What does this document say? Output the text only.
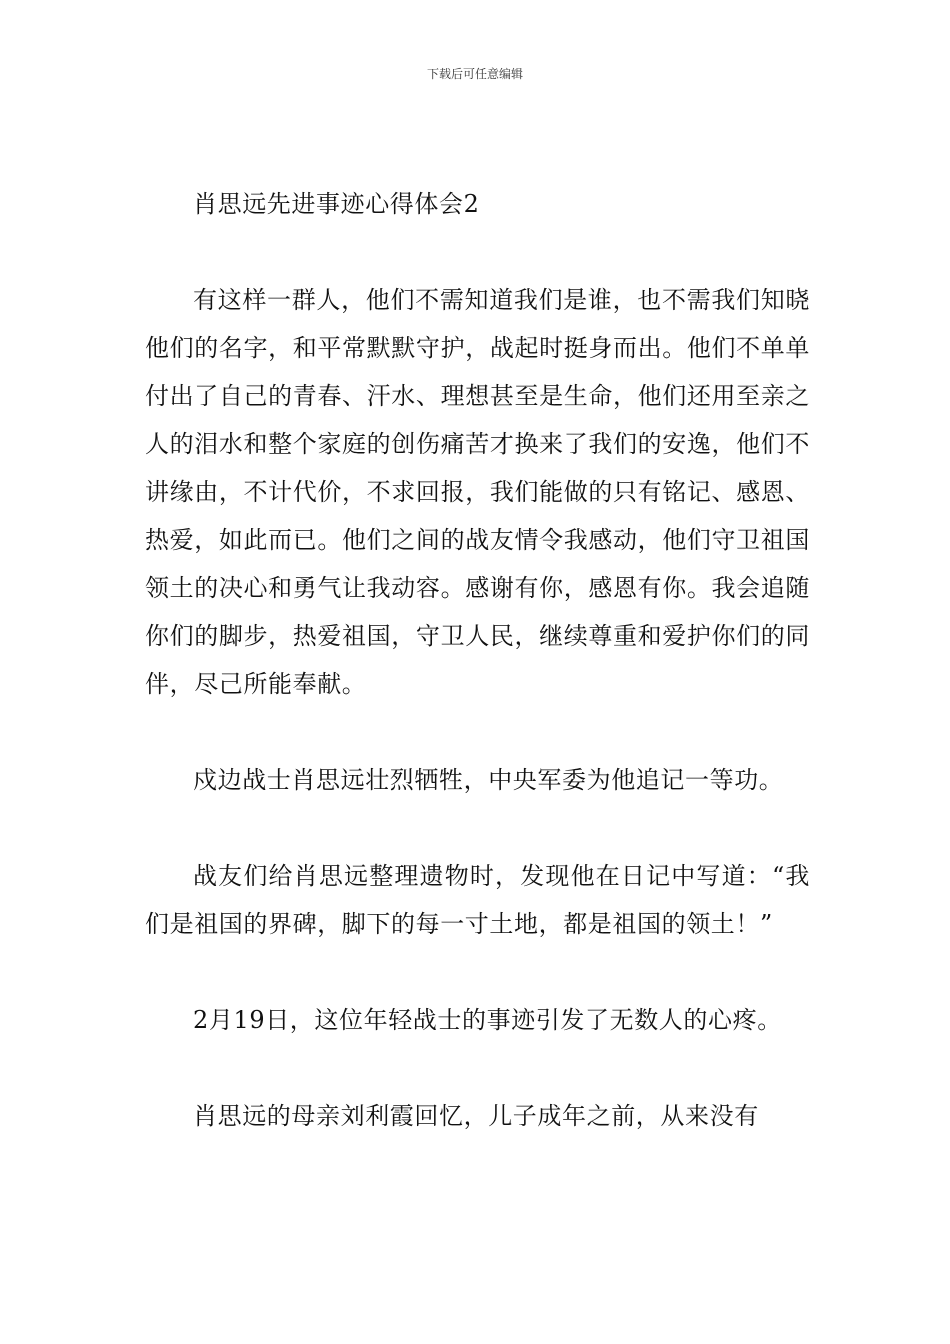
下载后可任意编辑

肖思远先进事迹心得体会2

有这样一群人，他们不需知道我们是谁，也不需我们知晓他们的名字，和平常默默守护，战起时挺身而出。他们不单单付出了自己的青春、汗水、理想甚至是生命，他们还用至亲之人的泪水和整个家庭的创伤痛苦才换来了我们的安逸，他们不讲缘由，不计代价，不求回报，我们能做的只有铭记、感恩、热爱，如此而已。他们之间的战友情令我感动，他们守卫祖国领土的决心和勇气让我动容。感谢有你，感恩有你。我会追随你们的脚步，热爱祖国，守卫人民，继续尊重和爱护你们的同伴，尽己所能奉献。

戍边战士肖思远壮烈牺牲，中央军委为他追记一等功。

战友们给肖思远整理遗物时，发现他在日记中写道：“我们是祖国的界碑，脚下的每一寸土地，都是祖国的领土！”

2月19日，这位年轻战士的事迹引发了无数人的心疼。

肖思远的母亲刘利霞回忆，儿子成年之前，从来没有
